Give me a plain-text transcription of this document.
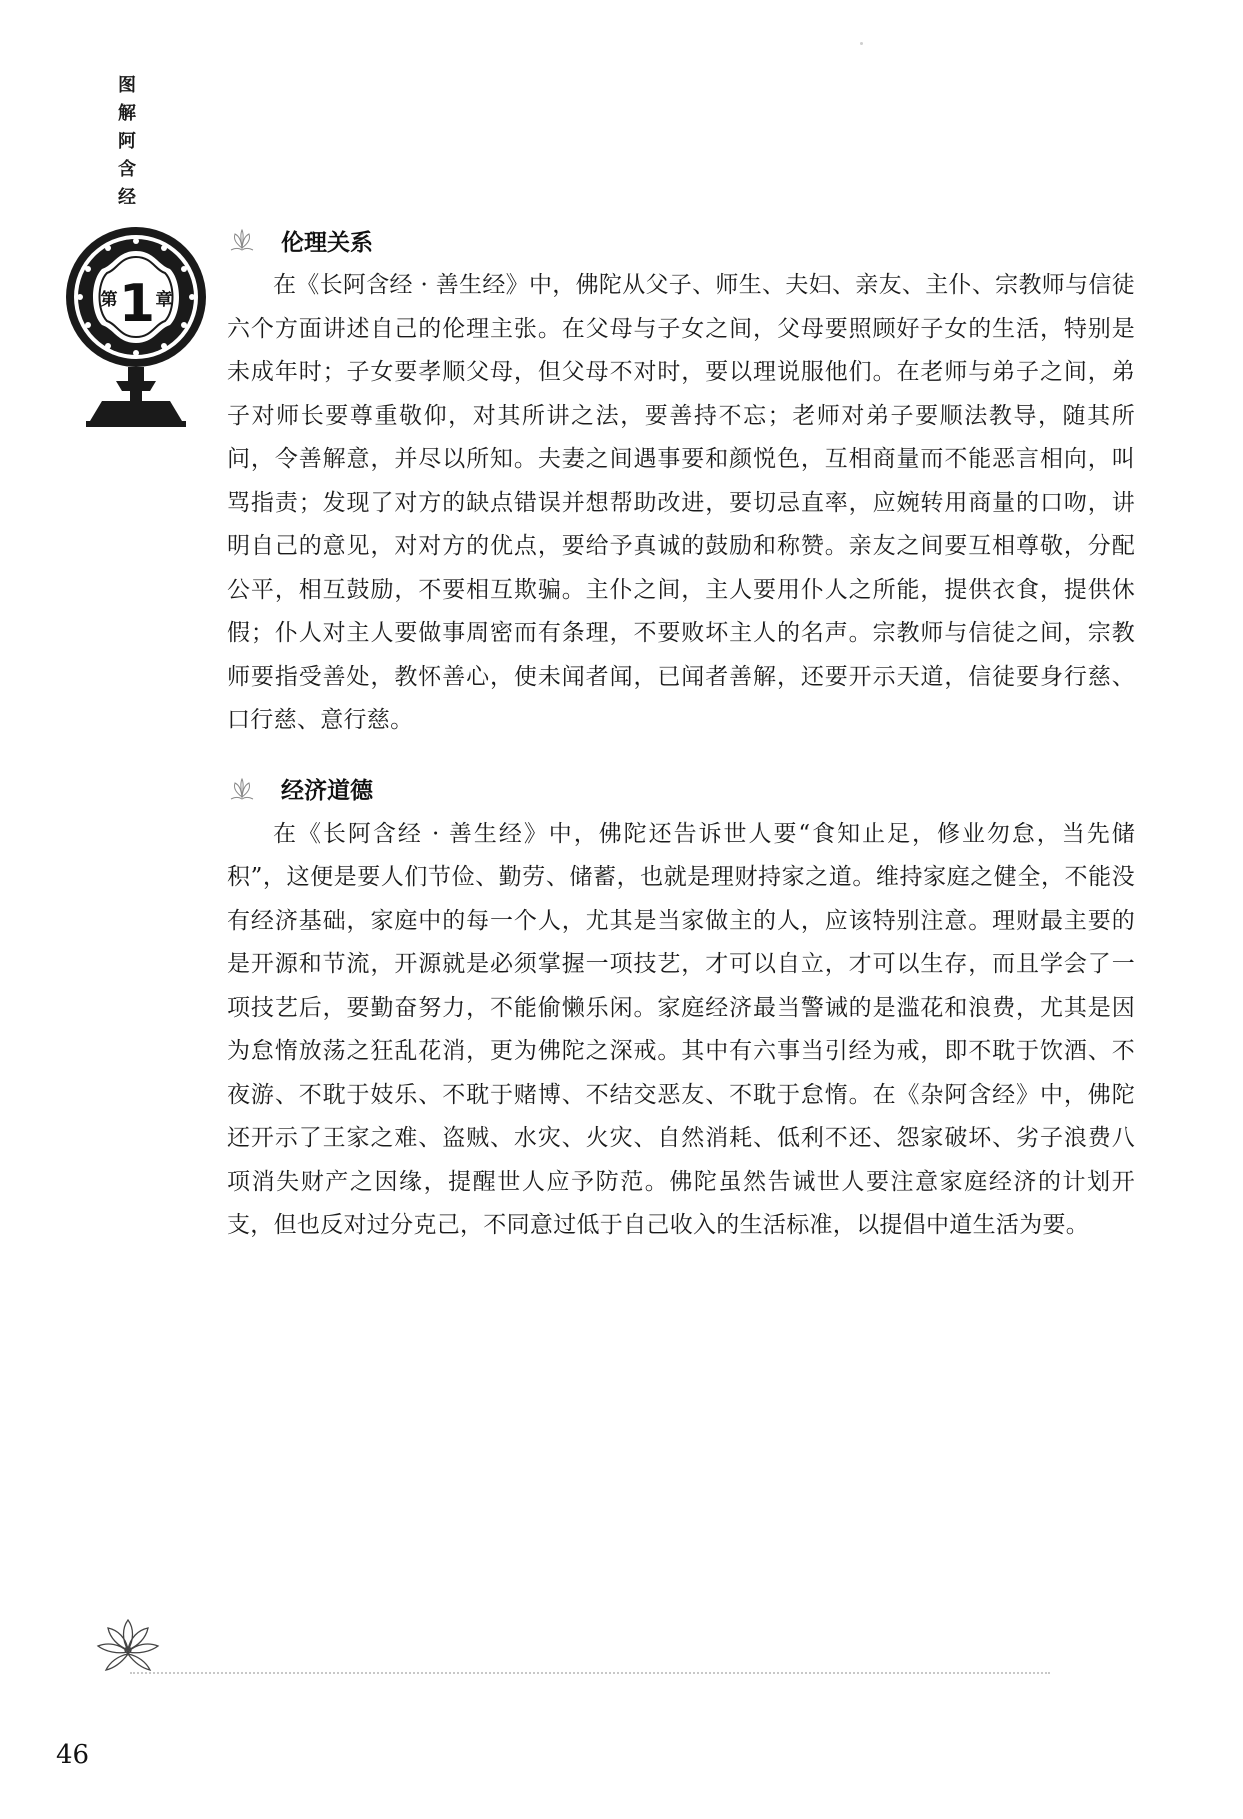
图
解
阿
含
经
第 1 章
伦理关系

在《长阿含经 · 善生经》中，佛陀从父子、师生、夫妇、亲友、主仆、宗教师与信徒六个方面讲述自己的伦理主张。在父母与子女之间，父母要照顾好子女的生活，特别是未成年时；子女要孝顺父母，但父母不对时，要以理说服他们。在老师与弟子之间，弟子对师长要尊重敬仰，对其所讲之法，要善持不忘；老师对弟子要顺法教导，随其所问，令善解意，并尽以所知。夫妻之间遇事要和颜悦色，互相商量而不能恶言相向，叫骂指责；发现了对方的缺点错误并想帮助改进，要切忌直率，应婉转用商量的口吻，讲明自己的意见，对对方的优点，要给予真诚的鼓励和称赞。亲友之间要互相尊敬，分配公平，相互鼓励，不要相互欺骗。主仆之间，主人要用仆人之所能，提供衣食，提供休假；仆人对主人要做事周密而有条理，不要败坏主人的名声。宗教师与信徒之间，宗教师要指受善处，教怀善心，使未闻者闻，已闻者善解，还要开示天道，信徒要身行慈、口行慈、意行慈。

经济道德

在《长阿含经 · 善生经》中，佛陀还告诉世人要“食知止足，修业勿怠，当先储积”，这便是要人们节俭、勤劳、储蓄，也就是理财持家之道。维持家庭之健全，不能没有经济基础，家庭中的每一个人，尤其是当家做主的人，应该特别注意。理财最主要的是开源和节流，开源就是必须掌握一项技艺，才可以自立，才可以生存，而且学会了一项技艺后，要勤奋努力，不能偷懒乐闲。家庭经济最当警诫的是滥花和浪费，尤其是因为怠惰放荡之狂乱花消，更为佛陀之深戒。其中有六事当引经为戒，即不耽于饮酒、不夜游、不耽于妓乐、不耽于赌博、不结交恶友、不耽于怠惰。在《杂阿含经》中，佛陀还开示了王家之难、盗贼、水灾、火灾、自然消耗、低利不还、怨家破坏、劣子浪费八项消失财产之因缘，提醒世人应予防范。佛陀虽然告诫世人要注意家庭经济的计划开支，但也反对过分克己，不同意过低于自己收入的生活标准，以提倡中道生活为要。

46
